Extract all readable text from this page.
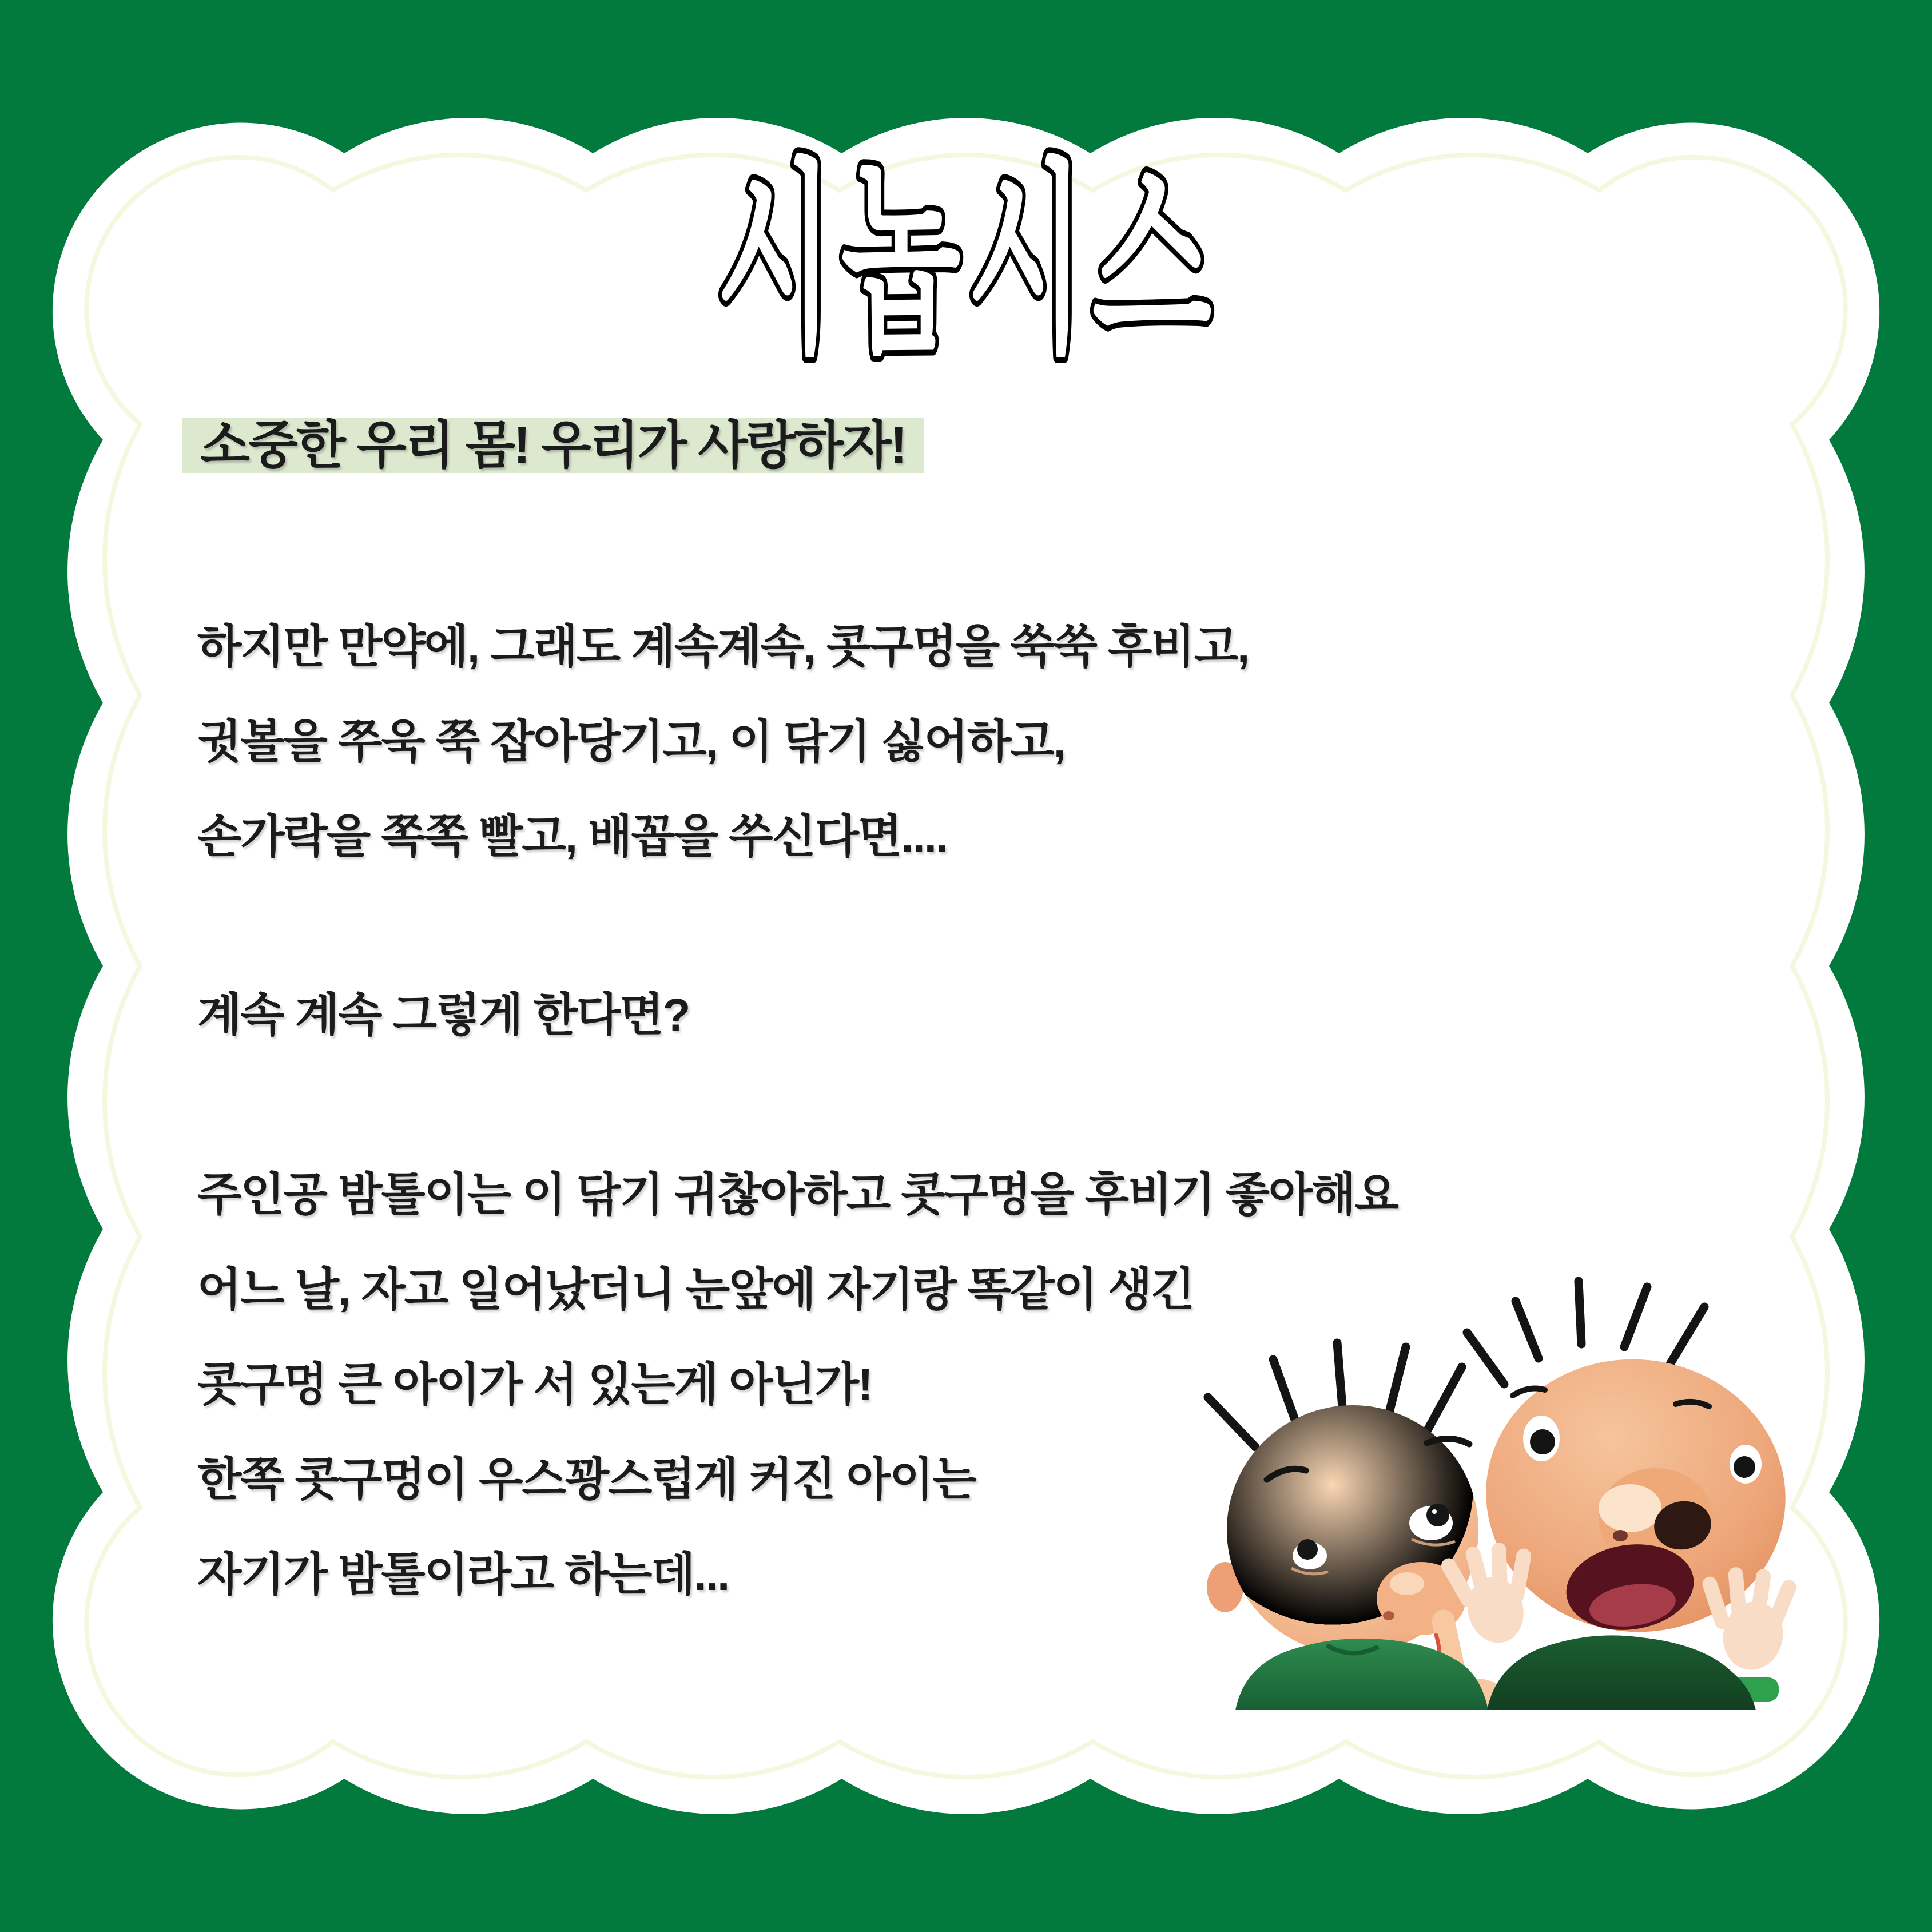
시놉시스
소중한 우리 몸! 우리가 사랑하자!
하지만 만약에, 그래도 계속계속, 콧구멍을 쑥쑥 후비고,
귓볼을 쭈욱 쭉 잡아당기고, 이 닦기 싫어하고,
손가락을 쪽쪽 빨고, 배꼽을 쑤신다면....
계속 계속 그렇게 한다면?
주인공 밤톨이는 이 닦기 귀찮아하고 콧구멍을 후비기 좋아해요
어느 날, 자고 일어났더니 눈앞에 자기랑 똑같이 생긴
콧구멍 큰 아이가 서 있는게 아닌가!
한쪽 콧구멍이 우스꽝스럽게 커진 아이는
자기가 밤톨이라고 하는데...
